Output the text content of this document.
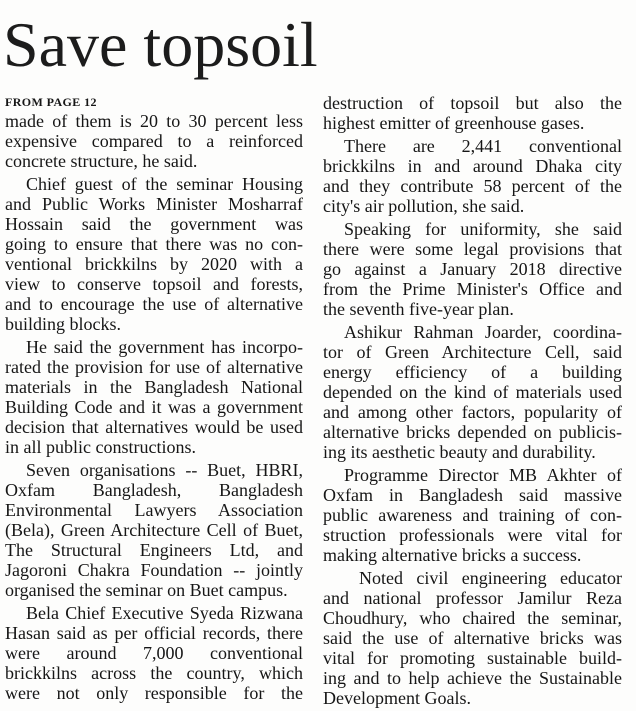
Save topsoil
FROM PAGE 12
made of them is 20 to 30 percent less
expensive compared to a reinforced
concrete structure, he said.
Chief guest of the seminar Housing
and Public Works Minister Mosharraf
Hossain said the government was
going to ensure that there was no con-
ventional brickkilns by 2020 with a
view to conserve topsoil and forests,
and to encourage the use of alternative
building blocks.
He said the government has incorpo-
rated the provision for use of alternative
materials in the Bangladesh National
Building Code and it was a government
decision that alternatives would be used
in all public constructions.
Seven organisations -- Buet, HBRI,
Oxfam Bangladesh, Bangladesh
Environmental Lawyers Association
(Bela), Green Architecture Cell of Buet,
The Structural Engineers Ltd, and
Jagoroni Chakra Foundation -- jointly
organised the seminar on Buet campus.
Bela Chief Executive Syeda Rizwana
Hasan said as per official records, there
were around 7,000 conventional
brickkilns across the country, which
were not only responsible for the
destruction of topsoil but also the
highest emitter of greenhouse gases.
There are 2,441 conventional
brickkilns in and around Dhaka city
and they contribute 58 percent of the
city's air pollution, she said.
Speaking for uniformity, she said
there were some legal provisions that
go against a January 2018 directive
from the Prime Minister's Office and
the seventh five-year plan.
Ashikur Rahman Joarder, coordina-
tor of Green Architecture Cell, said
energy efficiency of a building
depended on the kind of materials used
and among other factors, popularity of
alternative bricks depended on publicis-
ing its aesthetic beauty and durability.
Programme Director MB Akhter of
Oxfam in Bangladesh said massive
public awareness and training of con-
struction professionals were vital for
making alternative bricks a success.
Noted civil engineering educator
and national professor Jamilur Reza
Choudhury, who chaired the seminar,
said the use of alternative bricks was
vital for promoting sustainable build-
ing and to help achieve the Sustainable
Development Goals.
